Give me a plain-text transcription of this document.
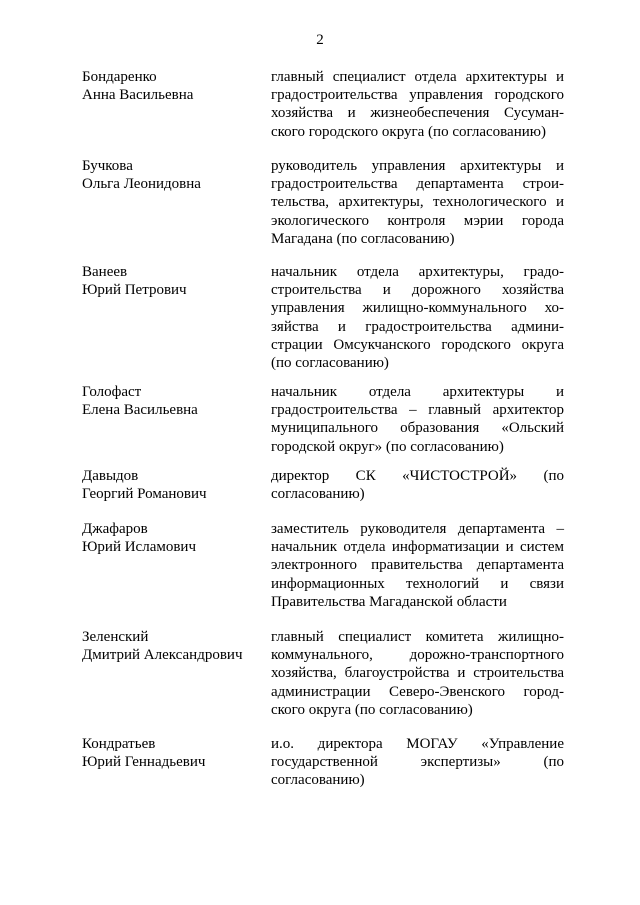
2
Бондаренко
Анна Васильевна
главный специалист отдела архитектуры и
градостроительства управления городского
хозяйства и жизнеобеспечения Сусуман-
ского городского округа (по согласованию)
Бучкова
Ольга Леонидовна
руководитель управления архитектуры и
градостроительства департамента строи-
тельства, архитектуры, технологического и
экологического контроля мэрии города
Магадана (по согласованию)
Ванеев
Юрий Петрович
начальник отдела архитектуры, градо-
строительства и дорожного хозяйства
управления жилищно-коммунального хо-
зяйства и градостроительства админи-
страции Омсукчанского городского округа
(по согласованию)
Голофаст
Елена Васильевна
начальник отдела архитектуры и
градостроительства – главный архитектор
муниципального образования «Ольский
городской округ» (по согласованию)
Давыдов
Георгий Романович
директор СК «ЧИСТОСТРОЙ» (по
согласованию)
Джафаров
Юрий Исламович
заместитель руководителя департамента –
начальник отдела информатизации и систем
электронного правительства департамента
информационных технологий и связи
Правительства Магаданской области
Зеленский
Дмитрий Александрович
главный специалист комитета жилищно-
коммунального, дорожно-транспортного
хозяйства, благоустройства и строительства
администрации Северо-Эвенского город-
ского округа (по согласованию)
Кондратьев
Юрий Геннадьевич
и.о. директора МОГАУ «Управление
государственной экспертизы» (по
согласованию)
